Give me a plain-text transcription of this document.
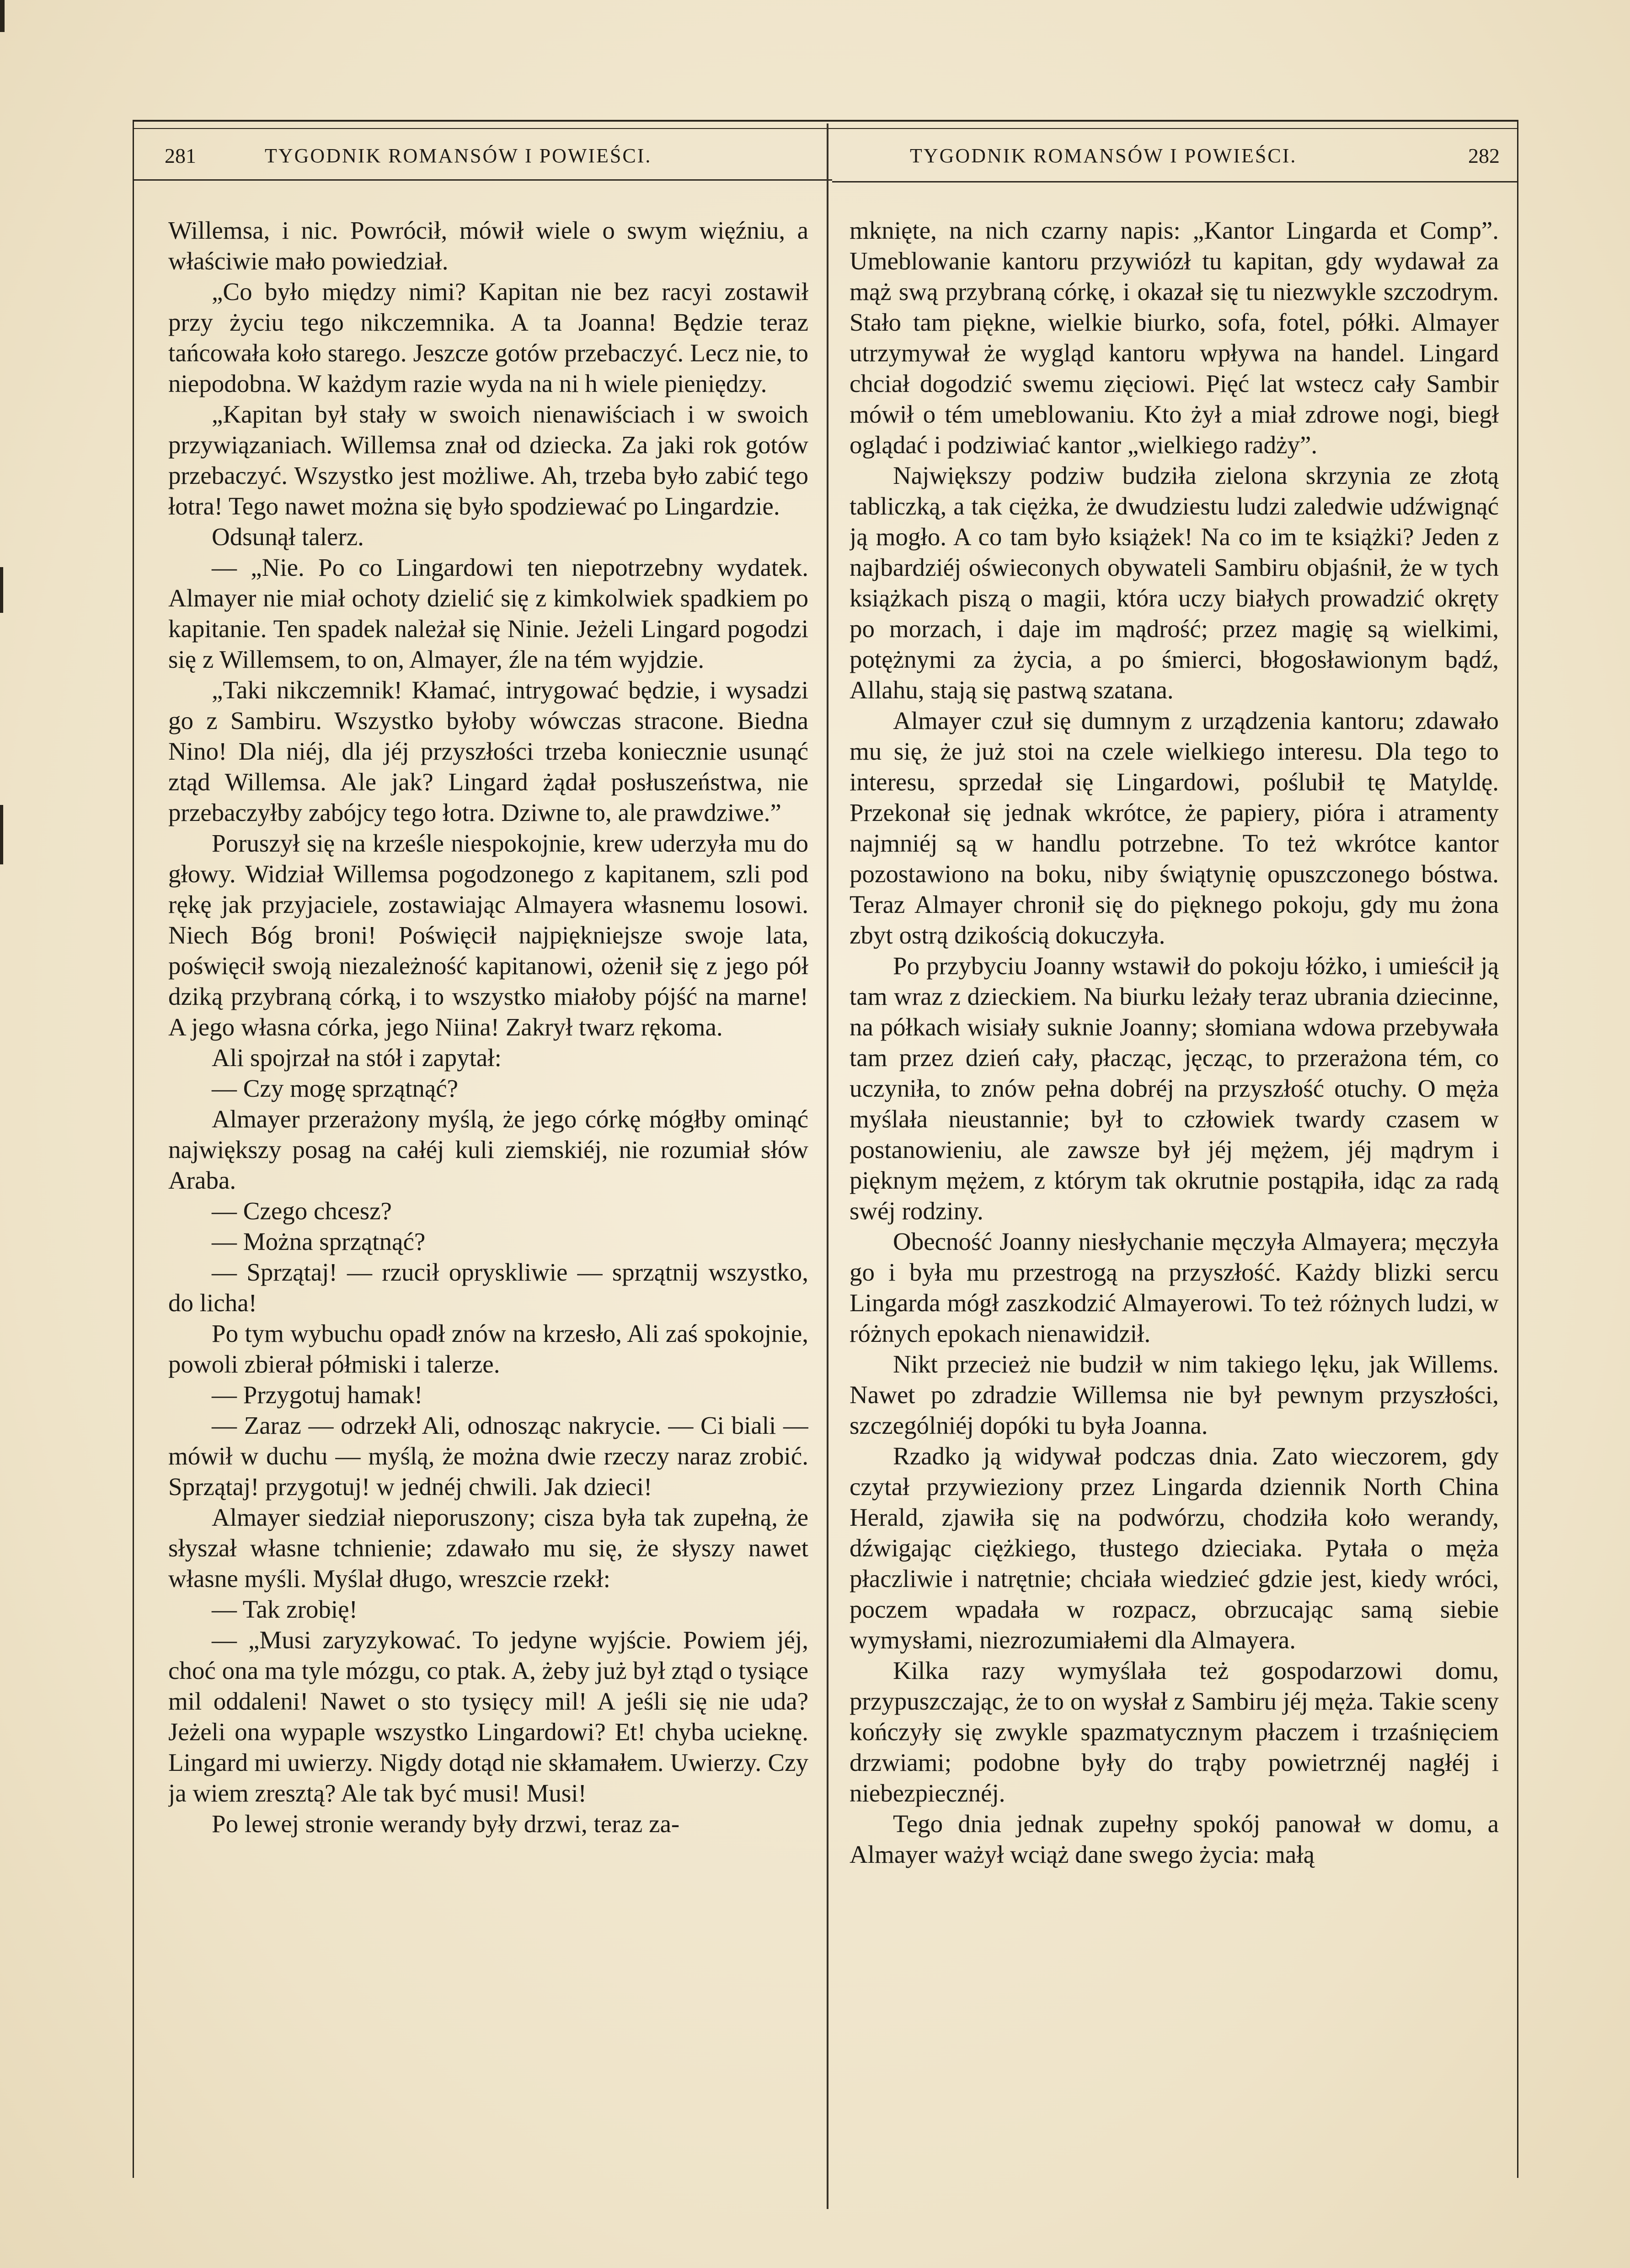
281	TYGODNIK ROMANSÓW I POWIEŚCI.	TYGODNIK ROMANSÓW I POWIEŚCI.	282

Willemsa, i nic. Powrócił, mówił wiele o swym więźniu, a właściwie mało powiedział.

„Co było między nimi? Kapitan nie bez racyi zostawił przy życiu tego nikczemnika. A ta Joanna! Będzie teraz tańcowała koło starego. Jeszcze gotów przebaczyć. Lecz nie, to niepodobna. W każdym razie wyda na ni h wiele pieniędzy.

„Kapitan był stały w swoich nienawiściach i w swoich przywiązaniach. Willemsa znał od dziecka. Za jaki rok gotów przebaczyć. Wszystko jest możliwe. Ah, trzeba było zabić tego łotra! Tego nawet można się było spodziewać po Lingardzie.

Odsunął talerz.

— „Nie. Po co Lingardowi ten niepotrzebny wydatek. Almayer nie miał ochoty dzielić się z kimkolwiek spadkiem po kapitanie. Ten spadek należał się Ninie. Jeżeli Lingard pogodzi się z Willemsem, to on, Almayer, źle na tém wyjdzie.

„Taki nikczemnik! Kłamać, intrygować będzie, i wysadzi go z Sambiru. Wszystko byłoby wówczas stracone. Biedna Nino! Dla niéj, dla jéj przyszłości trzeba koniecznie usunąć ztąd Willemsa. Ale jak? Lingard żądał posłuszeństwa, nie przebaczyłby zabójcy tego łotra. Dziwne to, ale prawdziwe.”

Poruszył się na krześle niespokojnie, krew uderzyła mu do głowy. Widział Willemsa pogodzonego z kapitanem, szli pod rękę jak przyjaciele, zostawiając Almayera własnemu losowi. Niech Bóg broni! Poświęcił najpiękniejsze swoje lata, poświęcił swoją niezależność kapitanowi, ożenił się z jego pół dziką przybraną córką, i to wszystko miałoby pójść na marne! A jego własna córka, jego Niina! Zakrył twarz rękoma.

Ali spojrzał na stół i zapytał:

— Czy mogę sprzątnąć?

Almayer przerażony myślą, że jego córkę mógłby ominąć największy posag na całéj kuli ziemskiéj, nie rozumiał słów Araba.

— Czego chcesz?

— Można sprzątnąć?

— Sprzątaj! — rzucił opryskliwie — sprzątnij wszystko, do licha!

Po tym wybuchu opadł znów na krzesło, Ali zaś spokojnie, powoli zbierał półmiski i talerze.

— Przygotuj hamak!

— Zaraz — odrzekł Ali, odnosząc nakrycie. — Ci biali — mówił w duchu — myślą, że można dwie rzeczy naraz zrobić. Sprzątaj! przygotuj! w jednéj chwili. Jak dzieci!

Almayer siedział nieporuszony; cisza była tak zupełną, że słyszał własne tchnienie; zdawało mu się, że słyszy nawet własne myśli. Myślał długo, wreszcie rzekł:

— Tak zrobię!

— „Musi zaryzykować. To jedyne wyjście. Powiem jéj, choć ona ma tyle mózgu, co ptak. A, żeby już był ztąd o tysiące mil oddaleni! Nawet o sto tysięcy mil! A jeśli się nie uda? Jeżeli ona wypaple wszystko Lingardowi? Et! chyba ucieknę. Lingard mi uwierzy. Nigdy dotąd nie skłamałem. Uwierzy. Czy ja wiem zresztą? Ale tak być musi! Musi!

Po lewej stronie werandy były drzwi, teraz za-

mknięte, na nich czarny napis: „Kantor Lingarda et Comp”. Umeblowanie kantoru przywiózł tu kapitan, gdy wydawał za mąż swą przybraną córkę, i okazał się tu niezwykle szczodrym. Stało tam piękne, wielkie biurko, sofa, fotel, półki. Almayer utrzymywał że wygląd kantoru wpływa na handel. Lingard chciał dogodzić swemu zięciowi. Pięć lat wstecz cały Sambir mówił o tém umeblowaniu. Kto żył a miał zdrowe nogi, biegł oglądać i podziwiać kantor „wielkiego radży”.

Największy podziw budziła zielona skrzynia ze złotą tabliczką, a tak ciężka, że dwudziestu ludzi zaledwie udźwignąć ją mogło. A co tam było książek! Na co im te książki? Jeden z najbardziéj oświeconych obywateli Sambiru objaśnił, że w tych książkach piszą o magii, która uczy białych prowadzić okręty po morzach, i daje im mądrość; przez magię są wielkimi, potężnymi za życia, a po śmierci, błogosławionym bądź, Allahu, stają się pastwą szatana.

Almayer czuł się dumnym z urządzenia kantoru; zdawało mu się, że już stoi na czele wielkiego interesu. Dla tego to interesu, sprzedał się Lingardowi, poślubił tę Matyldę. Przekonał się jednak wkrótce, że papiery, pióra i atramenty najmniéj są w handlu potrzebne. To też wkrótce kantor pozostawiono na boku, niby świątynię opuszczonego bóstwa. Teraz Almayer chronił się do pięknego pokoju, gdy mu żona zbyt ostrą dzikością dokuczyła.

Po przybyciu Joanny wstawił do pokoju łóżko, i umieścił ją tam wraz z dzieckiem. Na biurku leżały teraz ubrania dziecinne, na półkach wisiały suknie Joanny; słomiana wdowa przebywała tam przez dzień cały, płacząc, jęcząc, to przerażona tém, co uczyniła, to znów pełna dobréj na przyszłość otuchy. O męża myślała nieustannie; był to człowiek twardy czasem w postanowieniu, ale zawsze był jéj mężem, jéj mądrym i pięknym mężem, z którym tak okrutnie postąpiła, idąc za radą swéj rodziny.

Obecność Joanny niesłychanie męczyła Almayera; męczyła go i była mu przestrogą na przyszłość. Każdy blizki sercu Lingarda mógł zaszkodzić Almayerowi. To też różnych ludzi, w różnych epokach nienawidził.

Nikt przecież nie budził w nim takiego lęku, jak Willems. Nawet po zdradzie Willemsa nie był pewnym przyszłości, szczególniéj dopóki tu była Joanna.

Rzadko ją widywał podczas dnia. Zato wieczorem, gdy czytał przywieziony przez Lingarda dziennik North China Herald, zjawiła się na podwórzu, chodziła koło werandy, dźwigając ciężkiego, tłustego dzieciaka. Pytała o męża płaczliwie i natrętnie; chciała wiedzieć gdzie jest, kiedy wróci, poczem wpadała w rozpacz, obrzucając samą siebie wymysłami, niezrozumiałemi dla Almayera.

Kilka razy wymyślała też gospodarzowi domu, przypuszczając, że to on wysłał z Sambiru jéj męża. Takie sceny kończyły się zwykle spazmatycznym płaczem i trzaśnięciem drzwiami; podobne były do trąby powietrznéj nagłéj i niebezpiecznéj.

Tego dnia jednak zupełny spokój panował w domu, a Almayer ważył wciąż dane swego życia: małą
